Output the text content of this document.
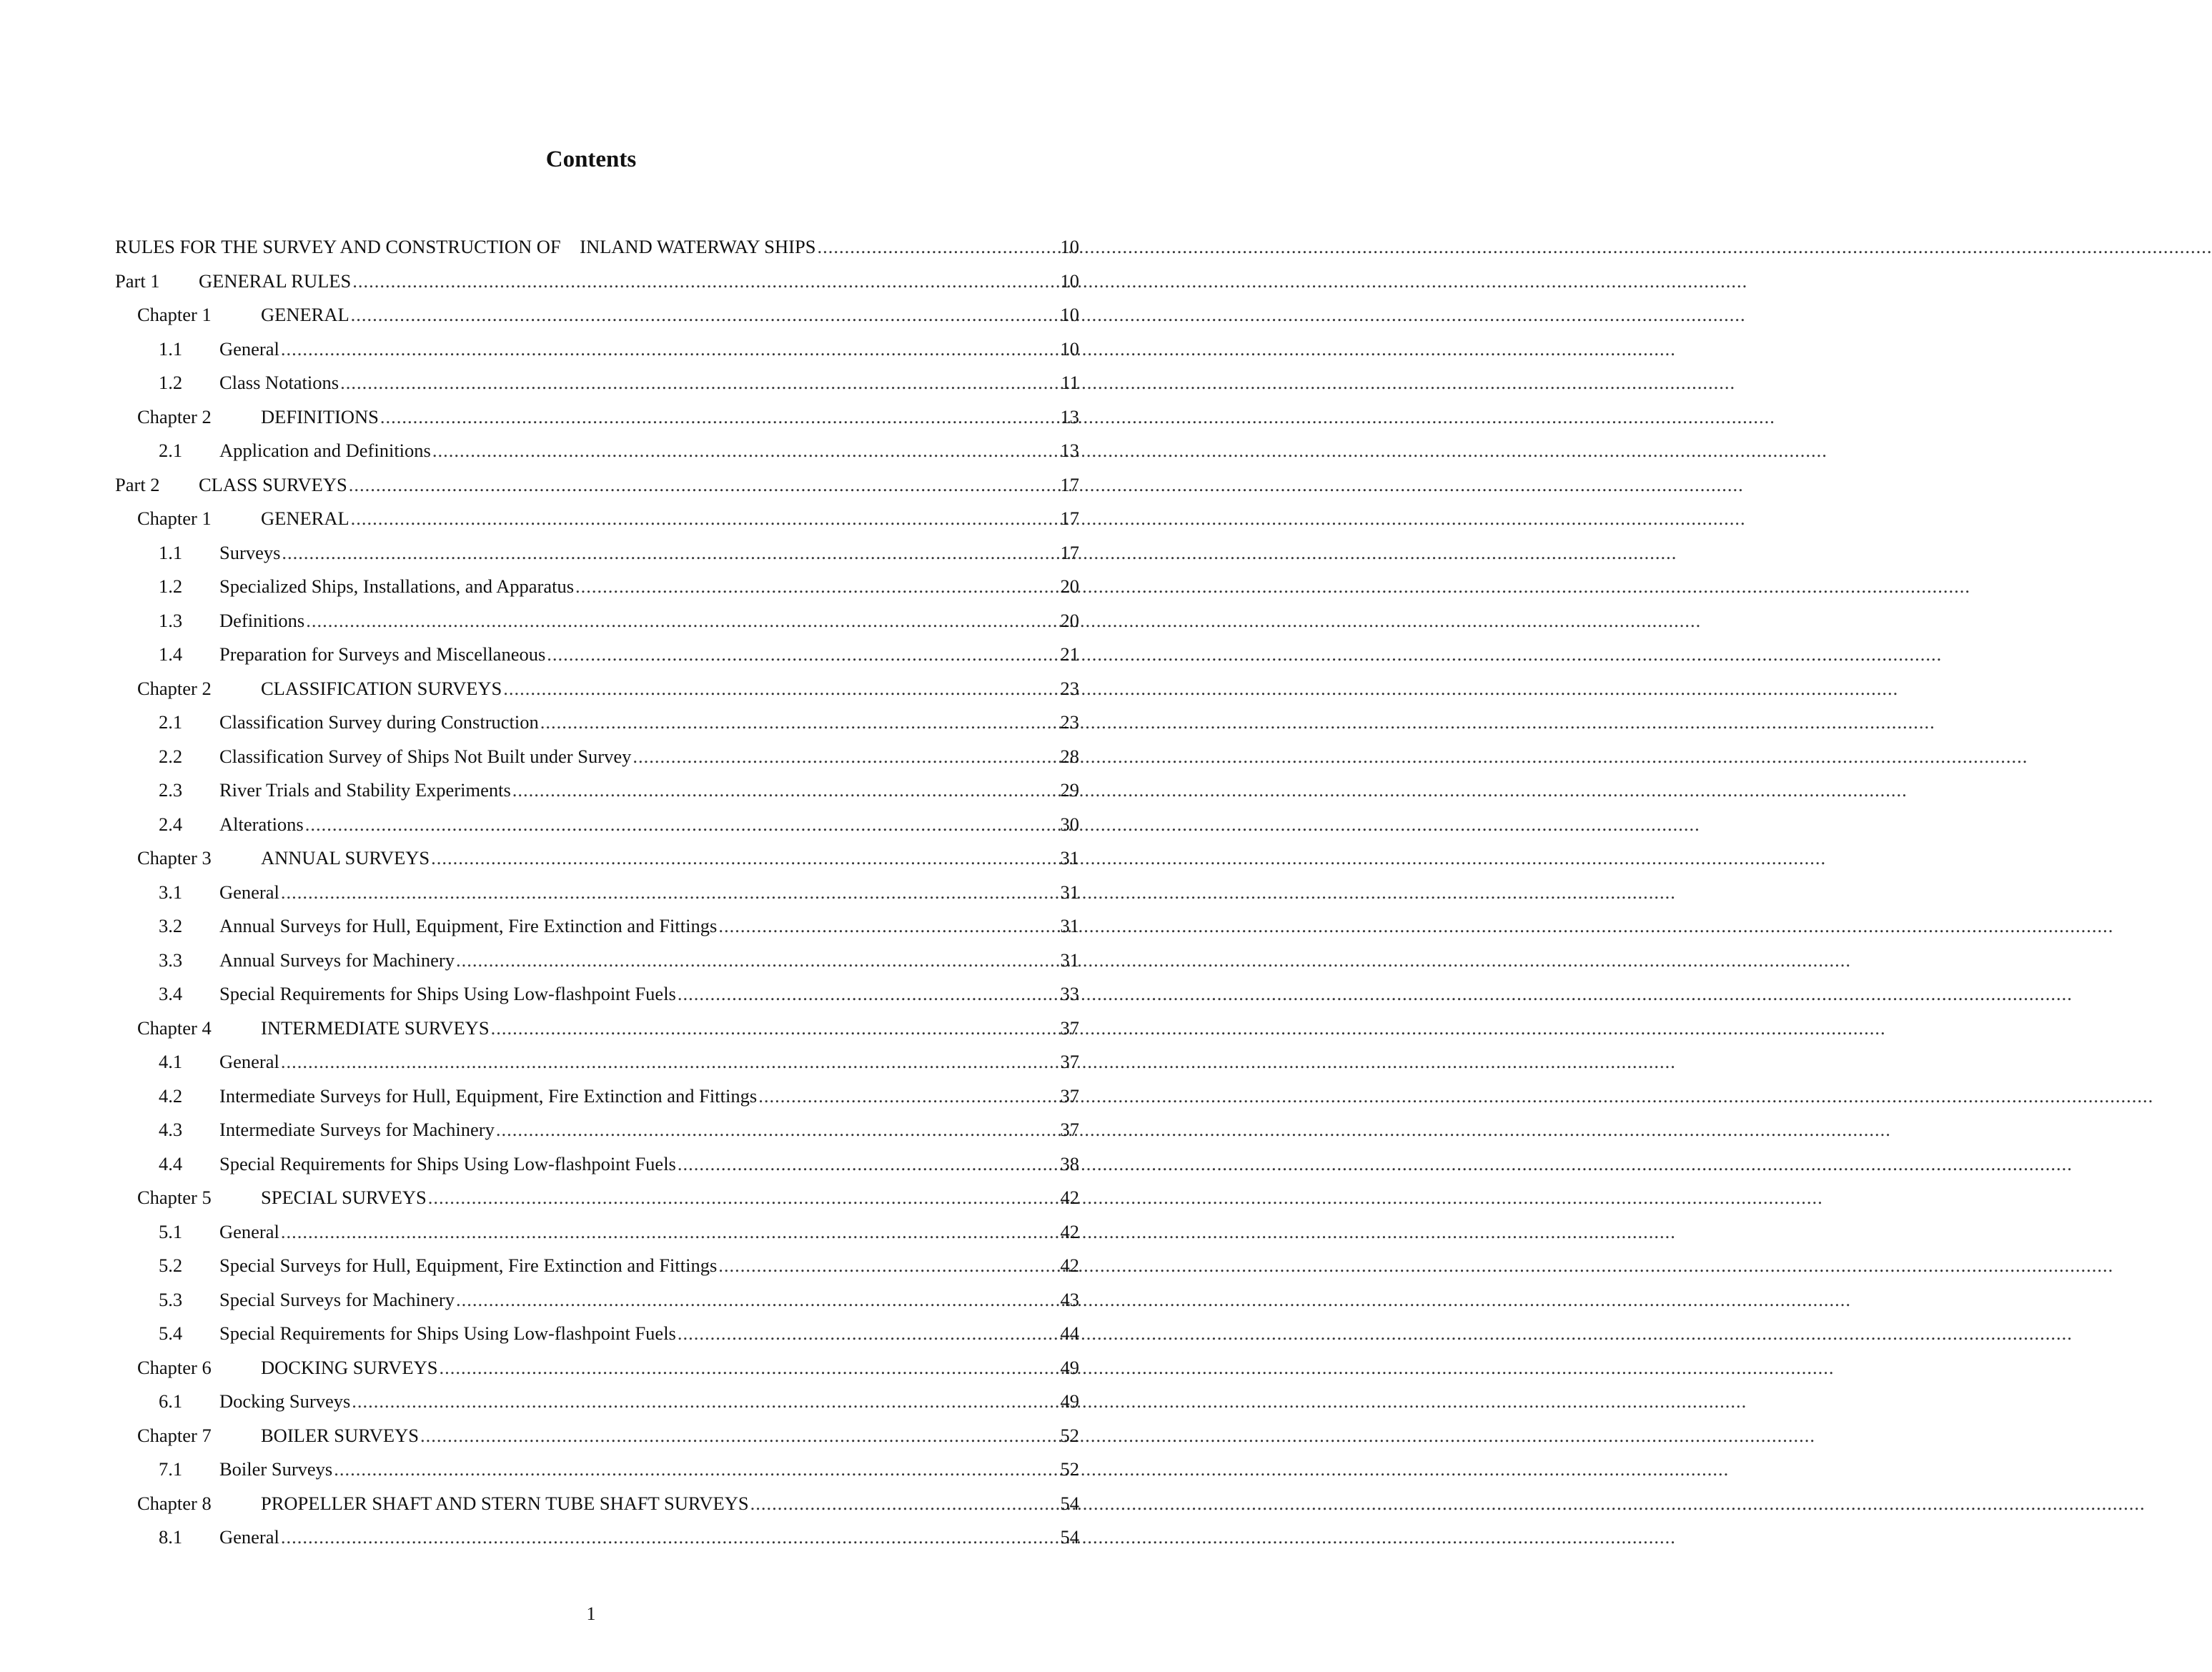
Contents
RULES FOR THE SURVEY AND CONSTRUCTION OF    INLAND WATERWAY SHIPS .....	10
Part 1	GENERAL RULES .....	10
Chapter 1	GENERAL .....	10
1.1	General .....	10
1.2	Class Notations .....	11
Chapter 2	DEFINITIONS .....	13
2.1	Application and Definitions .....	13
Part 2	CLASS SURVEYS .....	17
Chapter 1	GENERAL .....	17
1.1	Surveys .....	17
1.2	Specialized Ships, Installations, and Apparatus .....	20
1.3	Definitions .....	20
1.4	Preparation for Surveys and Miscellaneous .....	21
Chapter 2	CLASSIFICATION SURVEYS .....	23
2.1	Classification Survey during Construction .....	23
2.2	Classification Survey of Ships Not Built under Survey .....	28
2.3	River Trials and Stability Experiments .....	29
2.4	Alterations .....	30
Chapter 3	ANNUAL SURVEYS .....	31
3.1	General .....	31
3.2	Annual Surveys for Hull, Equipment, Fire Extinction and Fittings .....	31
3.3	Annual Surveys for Machinery .....	31
3.4	Special Requirements for Ships Using Low-flashpoint Fuels .....	33
Chapter 4	INTERMEDIATE SURVEYS .....	37
4.1	General .....	37
4.2	Intermediate Surveys for Hull, Equipment, Fire Extinction and Fittings .....	37
4.3	Intermediate Surveys for Machinery .....	37
4.4	Special Requirements for Ships Using Low-flashpoint Fuels .....	38
Chapter 5	SPECIAL SURVEYS .....	42
5.1	General .....	42
5.2	Special Surveys for Hull, Equipment, Fire Extinction and Fittings .....	42
5.3	Special Surveys for Machinery .....	43
5.4	Special Requirements for Ships Using Low-flashpoint Fuels .....	44
Chapter 6	DOCKING SURVEYS .....	49
6.1	Docking Surveys .....	49
Chapter 7	BOILER SURVEYS .....	52
7.1	Boiler Surveys .....	52
Chapter 8	PROPELLER SHAFT AND STERN TUBE SHAFT SURVEYS .....	54
8.1	General .....	54
1
